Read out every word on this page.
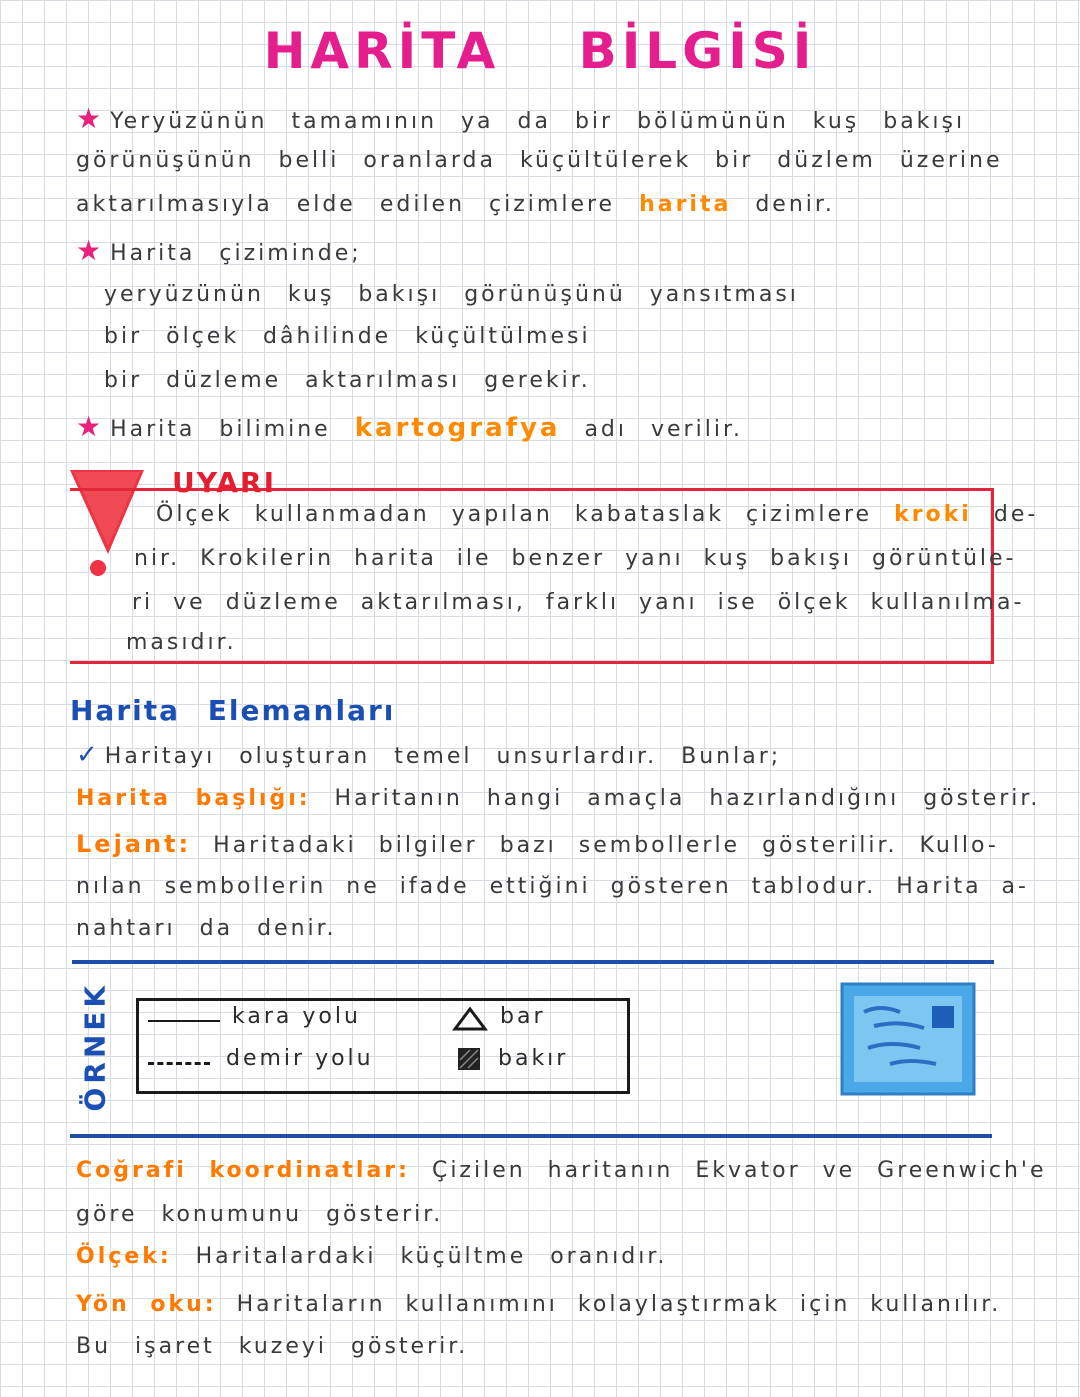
HARİTA BİLGİSİ
★ Yeryüzünün tamamının ya da bir bölümünün kuş bakışı
görünüşünün belli oranlarda küçültülerek bir düzlem üzerine
aktarılmasıyla elde edilen çizimlere harita denir.
★ Harita çiziminde;
yeryüzünün kuş bakışı görünüşünü yansıtması
bir ölçek dâhilinde küçültülmesi
bir düzleme aktarılması gerekir.
★ Harita bilimine kartografya adı verilir.
UYARI
Ölçek kullanmadan yapılan kabataslak çizimlere kroki de-
nir. Krokilerin harita ile benzer yanı kuş bakışı görüntüle-
ri ve düzleme aktarılması, farklı yanı ise ölçek kullanılma-
masıdır.
Harita Elemanları
✓ Haritayı oluşturan temel unsurlardır. Bunlar;
Harita başlığı: Haritanın hangi amaçla hazırlandığını gösterir.
Lejant: Haritadaki bilgiler bazı sembollerle gösterilir. Kullo-
nılan sembollerin ne ifade ettiğini gösteren tablodur. Harita a-
nahtarı da denir.
ÖRNEK	kara yolu
demir yolu
bar
bakır
Coğrafi koordinatlar: Çizilen haritanın Ekvator ve Greenwich'e
göre konumunu gösterir.
Ölçek: Haritalardaki küçültme oranıdır.
Yön oku: Haritaların kullanımını kolaylaştırmak için kullanılır.
Bu işaret kuzeyi gösterir.
